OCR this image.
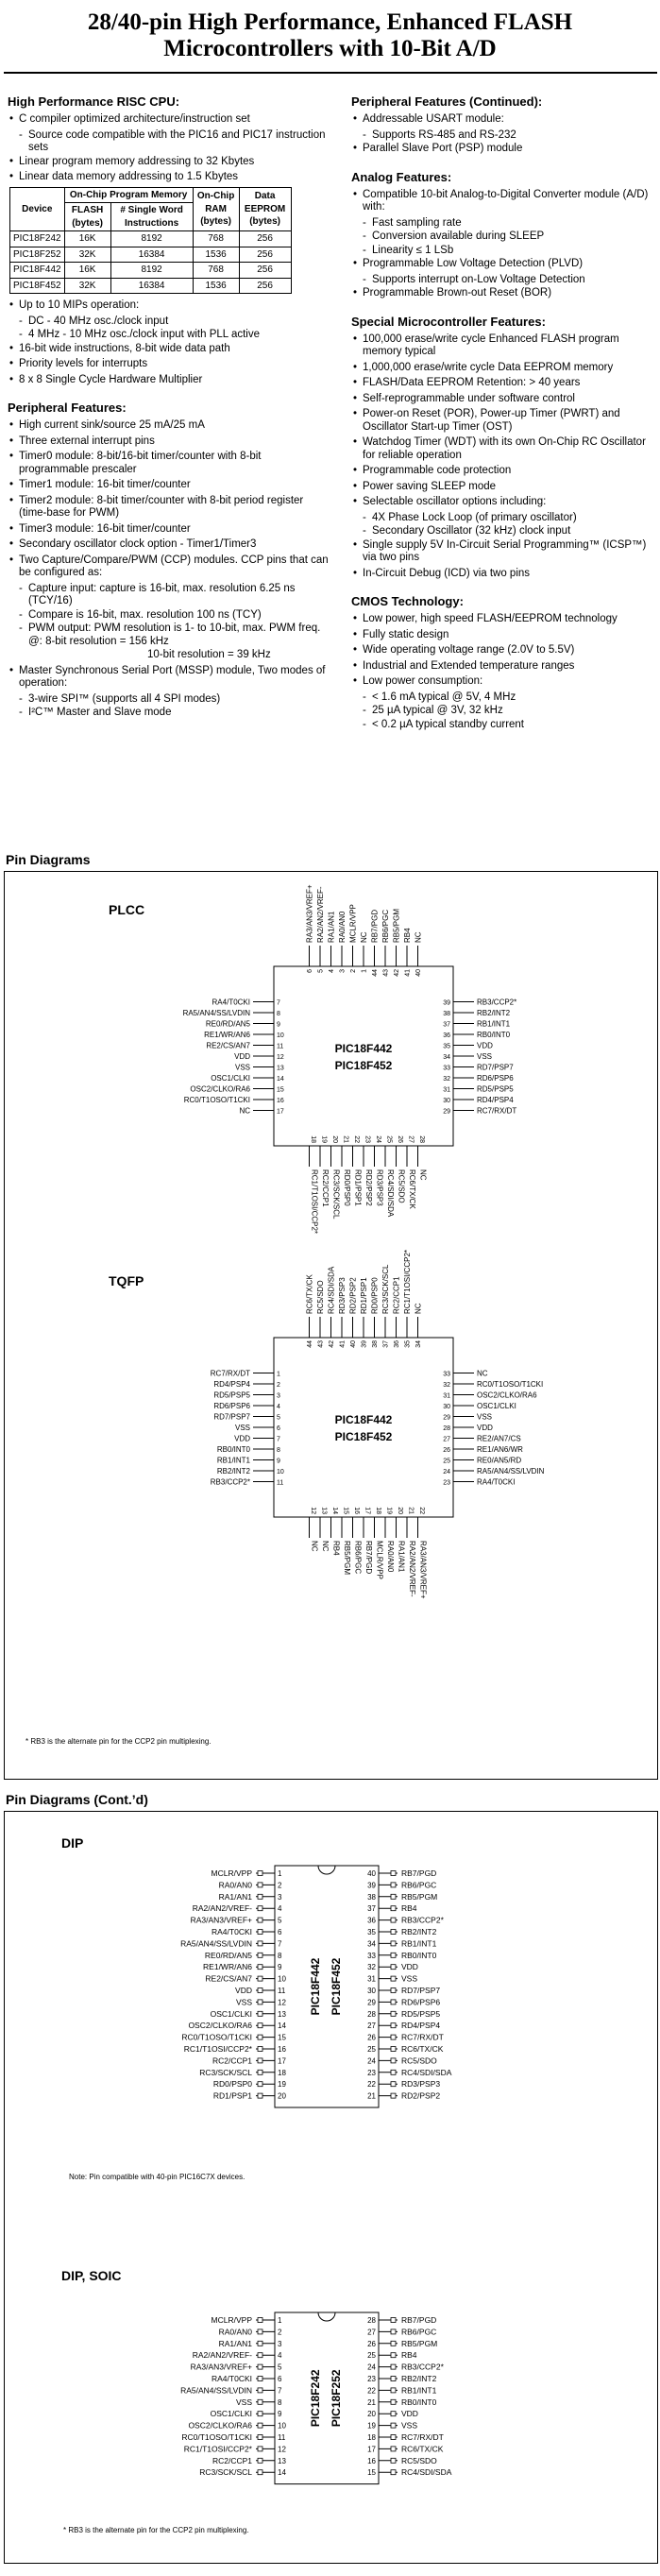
28/40-pin High Performance, Enhanced FLASH
Microcontrollers with 10-Bit A/D
High Performance RISC CPU:
• C compiler optimized architecture/instruction set
- Source code compatible with the PIC16 and PIC17 instruction sets
• Linear program memory addressing to 32 Kbytes
• Linear data memory addressing to 1.5 Kbytes
Device	On-Chip Program Memory		On-Chip RAM (bytes)	Data EEPROM (bytes)
	FLASH (bytes)	# Single Word Instructions		
PIC18F242	16K	8192	768	256
PIC18F252	32K	16384	1536	256
PIC18F442	16K	8192	768	256
PIC18F452	32K	16384	1536	256
• Up to 10 MIPs operation:
- DC - 40 MHz osc./clock input
- 4 MHz - 10 MHz osc./clock input with PLL active
• 16-bit wide instructions, 8-bit wide data path
• Priority levels for interrupts
• 8 x 8 Single Cycle Hardware Multiplier
Peripheral Features:
• High current sink/source 25 mA/25 mA
• Three external interrupt pins
• Timer0 module: 8-bit/16-bit timer/counter with 8-bit programmable prescaler
• Timer1 module: 16-bit timer/counter
• Timer2 module: 8-bit timer/counter with 8-bit period register (time-base for PWM)
• Timer3 module: 16-bit timer/counter
• Secondary oscillator clock option - Timer1/Timer3
• Two Capture/Compare/PWM (CCP) modules. CCP pins that can be configured as:
- Capture input: capture is 16-bit, max. resolution 6.25 ns (TCY/16)
- Compare is 16-bit, max. resolution 100 ns (TCY)
- PWM output: PWM resolution is 1- to 10-bit, max. PWM freq. @: 8-bit resolution = 156 kHz
10-bit resolution = 39 kHz
• Master Synchronous Serial Port (MSSP) module, Two modes of operation:
- 3-wire SPI™ (supports all 4 SPI modes)
- I²C™ Master and Slave mode
Peripheral Features (Continued):
• Addressable USART module:
- Supports RS-485 and RS-232
• Parallel Slave Port (PSP) module
Analog Features:
• Compatible 10-bit Analog-to-Digital Converter module (A/D) with:
- Fast sampling rate
- Conversion available during SLEEP
- Linearity ≤ 1 LSb
• Programmable Low Voltage Detection (PLVD)
- Supports interrupt on-Low Voltage Detection
• Programmable Brown-out Reset (BOR)
Special Microcontroller Features:
• 100,000 erase/write cycle Enhanced FLASH program memory typical
• 1,000,000 erase/write cycle Data EEPROM memory
• FLASH/Data EEPROM Retention: > 40 years
• Self-reprogrammable under software control
• Power-on Reset (POR), Power-up Timer (PWRT) and Oscillator Start-up Timer (OST)
• Watchdog Timer (WDT) with its own On-Chip RC Oscillator for reliable operation
• Programmable code protection
• Power saving SLEEP mode
• Selectable oscillator options including:
- 4X Phase Lock Loop (of primary oscillator)
- Secondary Oscillator (32 kHz) clock input
• Single supply 5V In-Circuit Serial Programming™ (ICSP™) via two pins
• In-Circuit Debug (ICD) via two pins
CMOS Technology:
• Low power, high speed FLASH/EEPROM technology
• Fully static design
• Wide operating voltage range (2.0V to 5.5V)
• Industrial and Extended temperature ranges
• Low power consumption:
- < 1.6 mA typical @ 5V, 4 MHz
- 25 µA typical @ 3V, 32 kHz
- < 0.2 µA typical standby current
Pin Diagrams
PLCC
PIC18F442
PIC18F452
RA4/T0CKI	7
RA5/AN4/SS/LVDIN	8
RE0/RD/AN5	9
RE1/WR/AN6	10
RE2/CS/AN7	11
VDD	12
VSS	13
OSC1/CLKI	14
OSC2/CLKO/RA6	15
RC0/T1OSO/T1CKI	16
NC	17
39	RB3/CCP2*
38	RB2/INT2
37	RB1/INT1
36	RB0/INT0
35	VDD
34	VSS
33	RD7/PSP7
32	RD6/PSP6
31	RD5/PSP5
30	RD4/PSP4
29	RC7/RX/DT
RA3/AN3/VREF+
6
RA2/AN2/VREF-
5
RA1/AN1
4
RA0/AN0
3
MCLR/VPP
2
NC
1
RB7/PGD
44
RB6/PGC
43
RB5/PGM
42
RB4
41
NC
40
RC1/T1OSI/CCP2*
18
RC2/CCP1
19
RC3/SCK/SCL
20
RD0/PSP0
21
RD1/PSP1
22
RD2/PSP2
23
RD3/PSP3
24
RC4/SDI/SDA
25
RC5/SDO
26
RC6/TX/CK
27
NC
28
TQFP
PIC18F442
PIC18F452
RC7/RX/DT	1
RD4/PSP4	2
RD5/PSP5	3
RD6/PSP6	4
RD7/PSP7	5
VSS	6
VDD	7
RB0/INT0	8
RB1/INT1	9
RB2/INT2	10
RB3/CCP2*	11
33	NC
32	RC0/T1OSO/T1CKI
31	OSC2/CLKO/RA6
30	OSC1/CLKI
29	VSS
28	VDD
27	RE2/AN7/CS
26	RE1/AN6/WR
25	RE0/AN5/RD
24	RA5/AN4/SS/LVDIN
23	RA4/T0CKI
RC6/TX/CK
44
RC5/SDO
43
RC4/SDI/SDA
42
RD3/PSP3
41
RD2/PSP2
40
RD1/PSP1
39
RD0/PSP0
38
RC3/SCK/SCL
37
RC2/CCP1
36
RC1/T1OSI/CCP2*
35
NC
34
NC
12
NC
13
RB4
14
RB5/PGM
15
RB6/PGC
16
RB7/PGD
17
MCLR/VPP
18
RA0/AN0
19
RA1/AN1
20
RA2/AN2/VREF-
21
RA3/AN3/VREF+
22
* RB3 is the alternate pin for the CCP2 pin multiplexing.
Pin Diagrams (Cont.’d)
DIP
PIC18F442 PIC18F452
MCLR/VPP	1
RA0/AN0	2
RA1/AN1	3
RA2/AN2/VREF-	4
RA3/AN3/VREF+	5
RA4/T0CKI	6
RA5/AN4/SS/LVDIN	7
RE0/RD/AN5	8
RE1/WR/AN6	9
RE2/CS/AN7	10
VDD	11
VSS	12
OSC1/CLKI	13
OSC2/CLKO/RA6	14
RC0/T1OSO/T1CKI	15
RC1/T1OSI/CCP2*	16
RC2/CCP1	17
RC3/SCK/SCL	18
RD0/PSP0	19
RD1/PSP1	20
40	RB7/PGD
39	RB6/PGC
38	RB5/PGM
37	RB4
36	RB3/CCP2*
35	RB2/INT2
34	RB1/INT1
33	RB0/INT0
32	VDD
31	VSS
30	RD7/PSP7
29	RD6/PSP6
28	RD5/PSP5
27	RD4/PSP4
26	RC7/RX/DT
25	RC6/TX/CK
24	RC5/SDO
23	RC4/SDI/SDA
22	RD3/PSP3
21	RD2/PSP2
Note: Pin compatible with 40-pin PIC16C7X devices.
DIP, SOIC
PIC18F242 PIC18F252
MCLR/VPP	1
RA0/AN0	2
RA1/AN1	3
RA2/AN2/VREF-	4
RA3/AN3/VREF+	5
RA4/T0CKI	6
RA5/AN4/SS/LVDIN	7
VSS	8
OSC1/CLKI	9
OSC2/CLKO/RA6	10
RC0/T1OSO/T1CKI	11
RC1/T1OSI/CCP2*	12
RC2/CCP1	13
RC3/SCK/SCL	14
28	RB7/PGD
27	RB6/PGC
26	RB5/PGM
25	RB4
24	RB3/CCP2*
23	RB2/INT2
22	RB1/INT1
21	RB0/INT0
20	VDD
19	VSS
18	RC7/RX/DT
17	RC6/TX/CK
16	RC5/SDO
15	RC4/SDI/SDA
* RB3 is the alternate pin for the CCP2 pin multiplexing.
